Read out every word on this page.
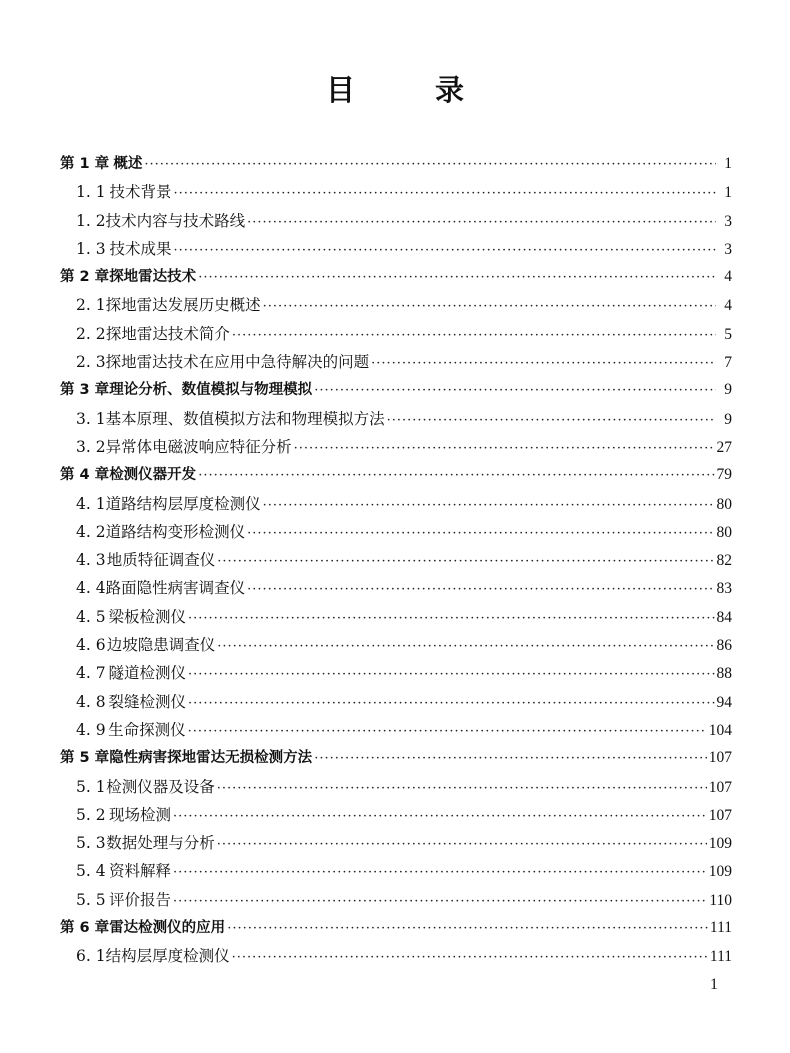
目	录
第 1 章 概述 ·····	1
1. 1 技术背景 ·····	1
1. 2 技术内容与技术路线 ·····	3
1. 3 技术成果 ·····	3
第 2 章 探地雷达技术 ·····	4
2. 1 探地雷达发展历史概述 ·····	4
2. 2 探地雷达技术简介 ·····	5
2. 3 探地雷达技术在应用中急待解决的问题 ·····	7
第 3 章 理论分析、数值模拟与物理模拟 ·····	9
3. 1 基本原理、数值模拟方法和物理模拟方法 ·····	9
3. 2 异常体电磁波响应特征分析 ·····	27
第 4 章 检测仪器开发 ·····	79
4. 1 道路结构层厚度检测仪 ·····	80
4. 2 道路结构变形检测仪 ·····	80
4. 3 地质特征调查仪 ·····	82
4. 4 路面隐性病害调查仪 ·····	83
4. 5 梁板检测仪 ·····	84
4. 6 边坡隐患调查仪 ·····	86
4. 7 隧道检测仪 ·····	88
4. 8 裂缝检测仪 ·····	94
4. 9 生命探测仪 ·····	104
第 5 章 隐性病害探地雷达无损检测方法 ·····	107
5. 1 检测仪器及设备 ·····	107
5. 2 现场检测 ·····	107
5. 3 数据处理与分析 ·····	109
5. 4 资料解释 ·····	109
5. 5 评价报告 ·····	110
第 6 章 雷达检测仪的应用 ·····	111
6. 1 结构层厚度检测仪 ·····	111
1
